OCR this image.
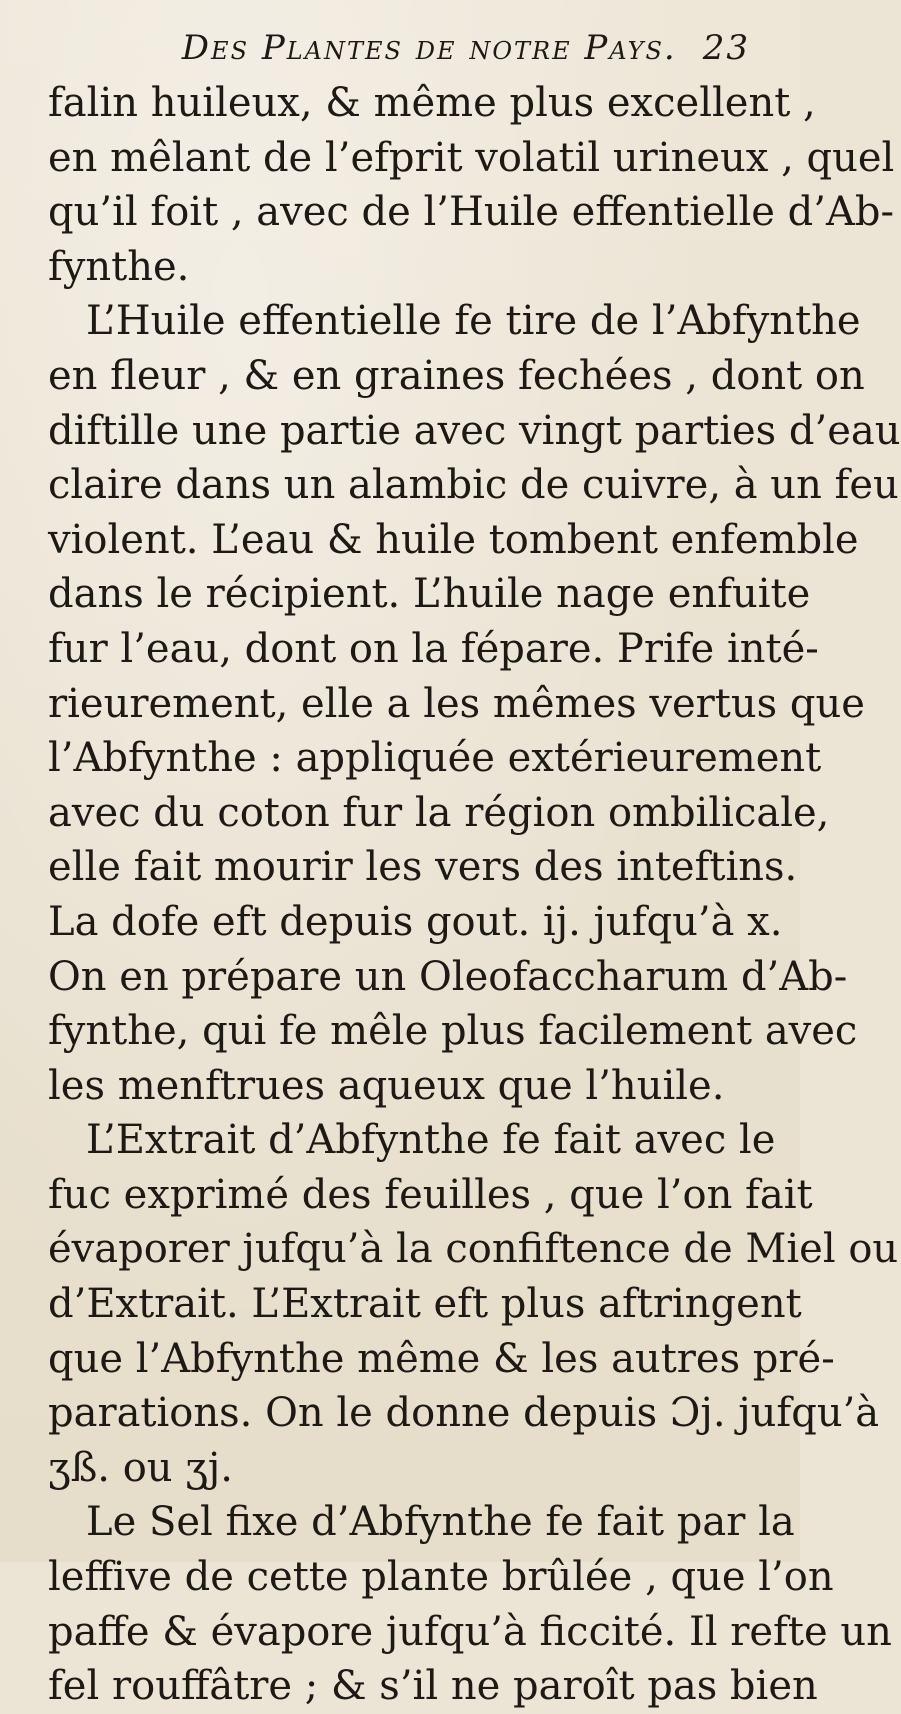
Des Plantes de notre Pays. 23
falin huileux, & même plus excellent ,
en mêlant de l’efprit volatil urineux , quel
qu’il foit , avec de l’Huile effentielle d’Ab-
fynthe.
L’Huile effentielle fe tire de l’Abfynthe
en fleur , & en graines fechées , dont on
diftille une partie avec vingt parties d’eau
claire dans un alambic de cuivre, à un feu
violent. L’eau & huile tombent enfemble
dans le récipient. L’huile nage enfuite
fur l’eau, dont on la fépare. Prife inté-
rieurement, elle a les mêmes vertus que
l’Abfynthe : appliquée extérieurement
avec du coton fur la région ombilicale,
elle fait mourir les vers des inteftins.
La dofe eft depuis gout. ij. jufqu’à x.
On en prépare un Oleofaccharum d’Ab-
fynthe, qui fe mêle plus facilement avec
les menftrues aqueux que l’huile.
L’Extrait d’Abfynthe fe fait avec le
fuc exprimé des feuilles , que l’on fait
évaporer jufqu’à la confiftence de Miel ou
d’Extrait. L’Extrait eft plus aftringent
que l’Abfynthe même & les autres pré-
parations. On le donne depuis Ɔj. jufqu’à
ʒß. ou ʒj.
Le Sel fixe d’Abfynthe fe fait par la
leffive de cette plante brûlée , que l’on
paffe & évapore jufqu’à ficcité. Il refte un
fel rouffâtre ; & s’il ne paroît pas bien
